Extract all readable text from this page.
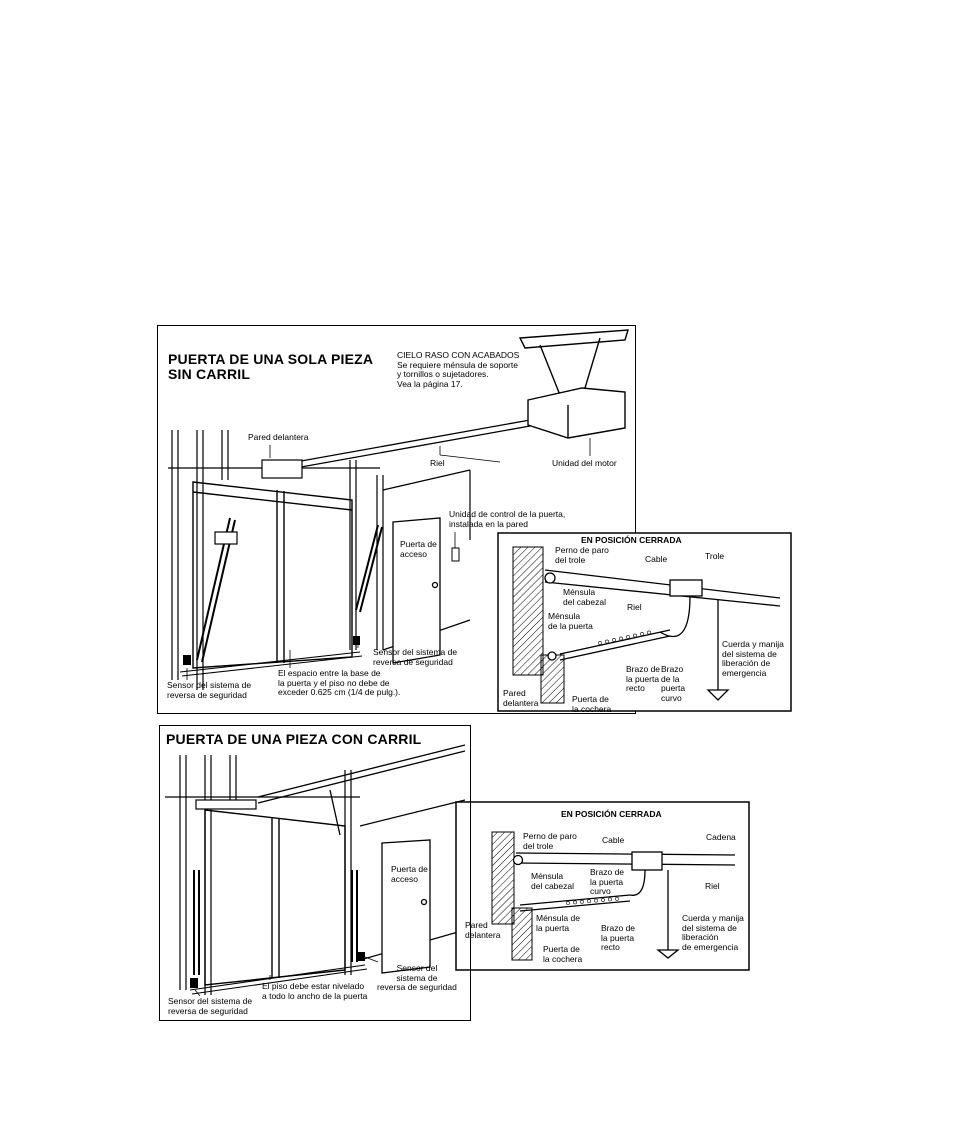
PUERTA DE UNA SOLA PIEZA
SIN CARRIL
CIELO RASO CON ACABADOS
Se requiere ménsula de soporte
y tornillos o sujetadores.
Vea la página 17.
Pared delantera
Riel	Unidad del motor
Unidad de control de la puerta,
instalada en la pared
Puerta de
acceso
Sensor del sistema de
reversa de seguridad
El espacio entre la base de
la puerta y el piso no debe de
exceder 0.625 cm (1/4 de pulg.).
Sensor del sistema de
reversa de seguridad
EN POSICIÓN CERRADA
Perno de paro
del trole	Cable	Trole
Ménsula
del cabezal
Riel
Ménsula
de la puerta
Brazo de
la puerta
recto
Brazo
de la
puerta
curvo
Cuerda y manija
del sistema de
liberación de
emergencia
Pared
delantera	Puerta de
la cochera
PUERTA DE UNA PIEZA CON CARRIL
Puerta de
acceso
Sensor del
sistema de
reversa de seguridad
El piso debe estar nivelado
a todo lo ancho de la puerta
Sensor del sistema de
reversa de seguridad
EN POSICIÓN CERRADA
Perno de paro
del trole
Cable	Cadena
Ménsula
del cabezal
Brazo de
la puerta
curvo	Riel
Pared
delantera
Ménsula de
la puerta	Brazo de
la puerta
recto
Cuerda y manija
del sistema de
liberación
de emergencia
Puerta de
la cochera
